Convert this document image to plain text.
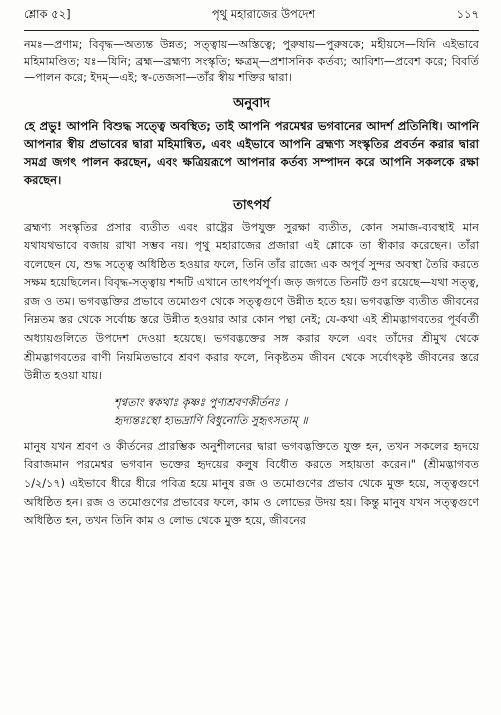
শ্লোক ৫২]	পৃথু মহারাজের উপদেশ	১১৭

নমঃ—প্রণাম; বিবৃদ্ধ—অত্যন্ত উন্নত; সত্ত্বায়—অস্তিত্বে; পুরুষায়—পুরুষকে; মহীয়সে—যিনি এইভাবে মহিমামণ্ডিত; যঃ—যিনি; ব্রহ্ম—ব্রহ্মণ্য সংস্কৃতি; ক্ষত্রম্—প্রশাসনিক কর্তব্য; আবিশ্য—প্রবেশ করে; বিবর্তি—পালন করে; ইদম্—এই; স্ব-তেজসা—তাঁর স্বীয় শক্তির দ্বারা।

অনুবাদ

হে প্রভু! আপনি বিশুদ্ধ সত্ত্বে অবস্থিত; তাই আপনি পরমেশ্বর ভগবানের আদর্শ প্রতিনিধি। আপনি আপনার স্বীয় প্রভাবের দ্বারা মহিমান্বিত, এবং এইভাবে আপনি ব্রহ্মণ্য সংস্কৃতির প্রবর্তন করার দ্বারা সমগ্র জগৎ পালন করছেন, এবং ক্ষত্রিয়রূপে আপনার কর্তব্য সম্পাদন করে আপনি সকলকে রক্ষা করছেন।

তাৎপর্য

ব্রহ্মণ্য সংস্কৃতির প্রসার ব্যতীত এবং রাষ্ট্রের উপযুক্ত সুরক্ষা ব্যতীত, কোন সমাজ-ব্যবস্থাই মান যথাযথভাবে বজায় রাখা সম্ভব নয়। পৃথু মহারাজের প্রজারা এই শ্লোকে তা স্বীকার করেছেন। তাঁরা বলেছেন যে, শুদ্ধ সত্ত্বে অধিষ্ঠিত হওয়ার ফলে, তিনি তাঁর রাজ্যে এক অপূর্ব সুন্দর অবস্থা তৈরি করতে সক্ষম হয়েছিলেন। বিবৃদ্ধ-সত্ত্বায় শব্দটি এখানে তাৎপর্যপূর্ণ। জড় জগতে তিনটি গুণ রয়েছে—যথা সত্ত্ব, রজ ও তম। ভগবদ্ভক্তির প্রভাবে তমোগুণ থেকে সত্ত্বগুণে উন্নীত হতে হয়। ভগবদ্ভক্তি ব্যতীত জীবনের নিম্নতম স্তর থেকে সর্বোচ্চ স্তরে উন্নীত হওয়ার আর কোন পন্থা নেই; যে-কথা এই শ্রীমদ্ভাগবতের পূর্ববর্তী অধ্যায়গুলিতে উপদেশ দেওয়া হয়েছে। ভগবদ্ভক্তের সঙ্গ করার ফলে এবং তাঁদের শ্রীমুখ থেকে শ্রীমদ্ভাগবতের বাণী নিয়মিতভাবে শ্রবণ করার ফলে, নিকৃষ্টতম জীবন থেকে সর্বোৎকৃষ্ট জীবনের স্তরে উন্নীত হওয়া যায়।

শৃণ্বতাং স্বকথাঃ কৃষ্ণঃ পুণ্যশ্রবণকীর্তনঃ ।
হৃদ্যন্তঃস্থো হ্যভদ্রাণি বিধুনোতি সুহৃৎসতাম্ ॥

মানুষ যখন শ্রবণ ও কীর্তনের প্রারম্ভিক অনুশীলনের দ্বারা ভগবদ্ভক্তিতে যুক্ত হন, তখন সকলের হৃদয়ে বিরাজমান পরমেশ্বর ভগবান ভক্তের হৃদয়ের কলুষ বিধৌত করতে সহায়তা করেন।" (শ্রীমদ্ভাগবত ১/২/১৭) এইভাবে ধীরে ধীরে পবিত্র হয়ে মানুষ রজ ও তমোগুণের প্রভাব থেকে মুক্ত হয়ে, সত্ত্বগুণে অধিষ্ঠিত হন। রজ ও তমোগুণের প্রভাবের ফলে, কাম ও লোভের উদয় হয়। কিন্তু মানুষ যখন সত্ত্বগুণে অধিষ্ঠিত হন, তখন তিনি কাম ও লোভ থেকে মুক্ত হয়ে, জীবনের
